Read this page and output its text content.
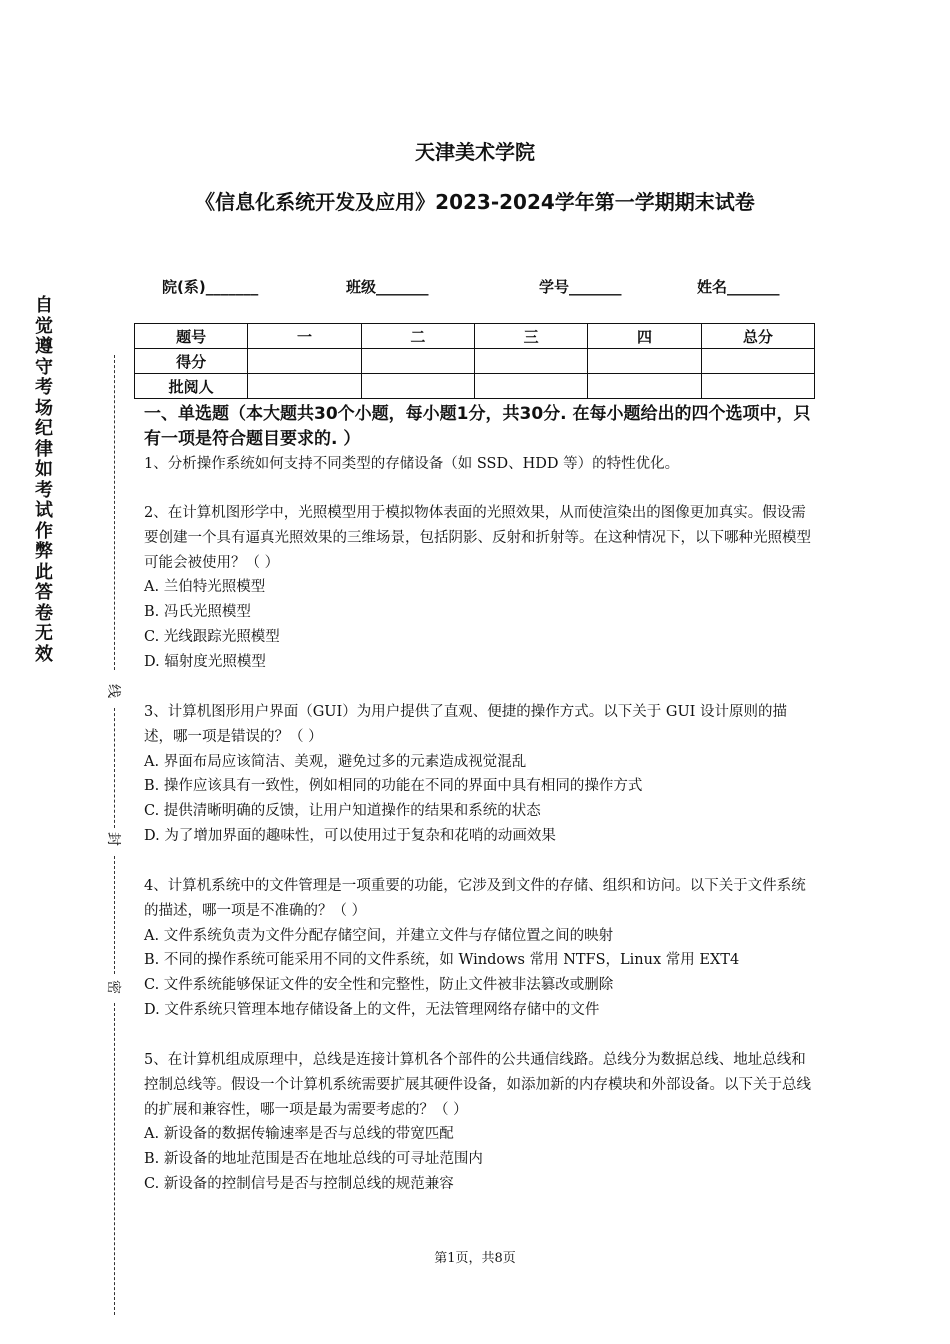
天津美术学院
《信息化系统开发及应用》2023-2024学年第一学期期末试卷
院(系)_______	班级_______	学号_______	姓名_______
题号	一	二	三	四	总分
得分					
批阅人					
自觉遵守考场纪律如考试作弊此答卷无效
线
封
密
一、单选题（本大题共30个小题，每小题1分，共30分. 在每小题给出的四个选项中，只有一项是符合题目要求的. ）

1、分析操作系统如何支持不同类型的存储设备（如 SSD、HDD 等）的特性优化。

2、在计算机图形学中，光照模型用于模拟物体表面的光照效果，从而使渲染出的图像更加真实。假设需要创建一个具有逼真光照效果的三维场景，包括阴影、反射和折射等。在这种情况下，以下哪种光照模型可能会被使用？（ ）

A. 兰伯特光照模型

B. 冯氏光照模型

C. 光线跟踪光照模型

D. 辐射度光照模型

3、计算机图形用户界面（GUI）为用户提供了直观、便捷的操作方式。以下关于 GUI 设计原则的描述，哪一项是错误的？（ ）

A. 界面布局应该简洁、美观，避免过多的元素造成视觉混乱

B. 操作应该具有一致性，例如相同的功能在不同的界面中具有相同的操作方式

C. 提供清晰明确的反馈，让用户知道操作的结果和系统的状态

D. 为了增加界面的趣味性，可以使用过于复杂和花哨的动画效果

4、计算机系统中的文件管理是一项重要的功能，它涉及到文件的存储、组织和访问。以下关于文件系统的描述，哪一项是不准确的？（ ）

A. 文件系统负责为文件分配存储空间，并建立文件与存储位置之间的映射

B. 不同的操作系统可能采用不同的文件系统，如 Windows 常用 NTFS，Linux 常用 EXT4

C. 文件系统能够保证文件的安全性和完整性，防止文件被非法篡改或删除

D. 文件系统只管理本地存储设备上的文件，无法管理网络存储中的文件

5、在计算机组成原理中，总线是连接计算机各个部件的公共通信线路。总线分为数据总线、地址总线和控制总线等。假设一个计算机系统需要扩展其硬件设备，如添加新的内存模块和外部设备。以下关于总线的扩展和兼容性，哪一项是最为需要考虑的？（ ）

A. 新设备的数据传输速率是否与总线的带宽匹配

B. 新设备的地址范围是否在地址总线的可寻址范围内

C. 新设备的控制信号是否与控制总线的规范兼容

第1页，共8页
